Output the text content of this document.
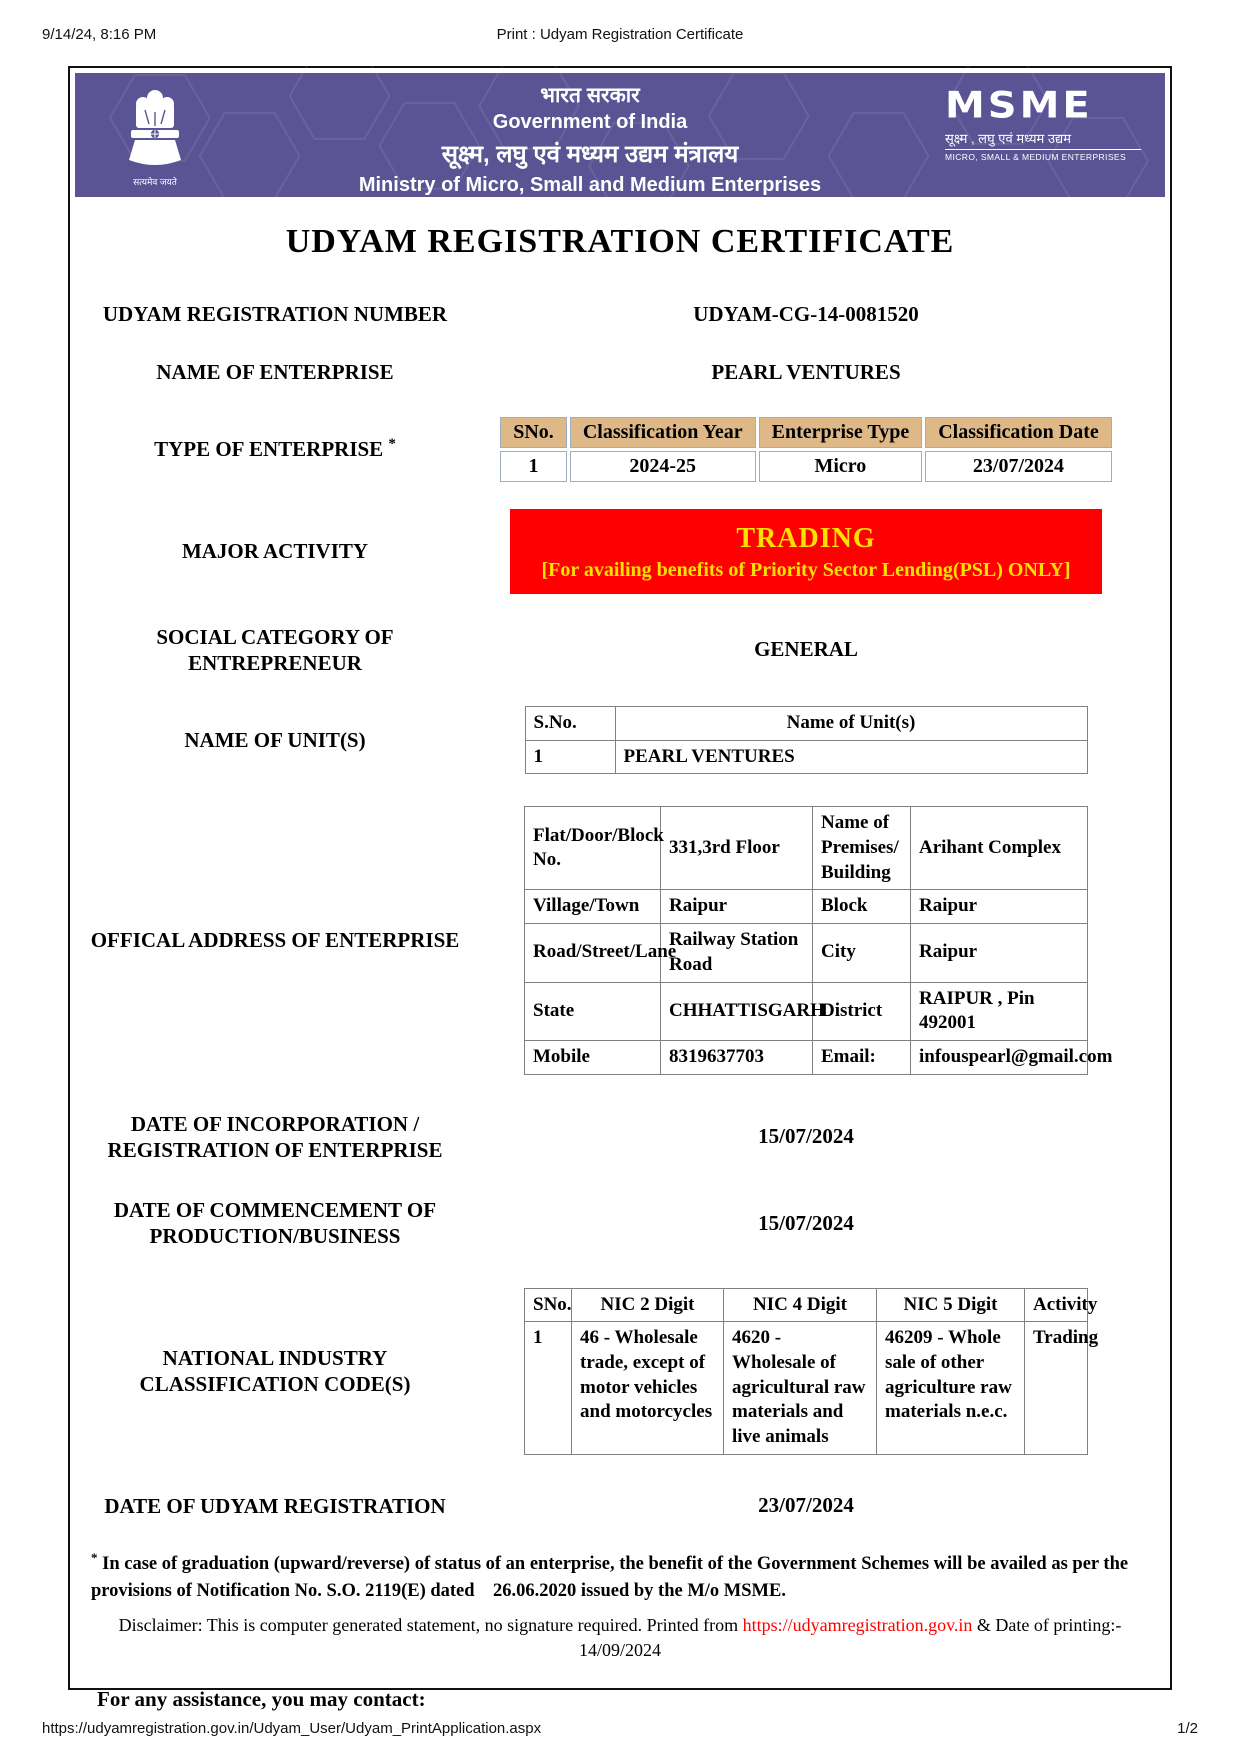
9/14/24, 8:16 PM	Print : Udyam Registration Certificate
सत्यमेव जयते
भारत सरकार
Government of India
सूक्ष्म, लघु एवं मध्यम उद्यम मंत्रालय
Ministry of Micro, Small and Medium Enterprises
MSME
सूक्ष्म , लघु एवं मध्यम उद्यम
MICRO, SMALL & MEDIUM ENTERPRISES
UDYAM REGISTRATION CERTIFICATE
UDYAM REGISTRATION NUMBER	UDYAM-CG-14-0081520
NAME OF ENTERPRISE	PEARL VENTURES
TYPE OF ENTERPRISE *
SNo.	Classification Year	Enterprise Type	Classification Date
1	2024-25	Micro	23/07/2024
MAJOR ACTIVITY	TRADING
[For availing benefits of Priority Sector Lending(PSL) ONLY]
SOCIAL CATEGORY OF ENTREPRENEUR
GENERAL
NAME OF UNIT(S)
S.No.	Name of Unit(s)
1	PEARL VENTURES
OFFICAL ADDRESS OF ENTERPRISE
Flat/Door/Block No.	331,3rd Floor	Name of Premises/ Building	Arihant Complex
Village/Town	Raipur	Block	Raipur
Road/Street/Lane	Railway Station Road	City	Raipur
State	CHHATTISGARH	District	RAIPUR , Pin 492001
Mobile	8319637703	Email:	infouspearl@gmail.com
DATE OF INCORPORATION / REGISTRATION OF ENTERPRISE
15/07/2024
DATE OF COMMENCEMENT OF PRODUCTION/BUSINESS
15/07/2024
NATIONAL INDUSTRY CLASSIFICATION CODE(S)
SNo.	NIC 2 Digit	NIC 4 Digit	NIC 5 Digit	Activity
1	46 - Wholesale trade, except of motor vehicles and motorcycles	4620 - Wholesale of agricultural raw materials and live animals	46209 - Whole sale of other agriculture raw materials n.e.c.	Trading
DATE OF UDYAM REGISTRATION	23/07/2024
* In case of graduation (upward/reverse) of status of an enterprise, the benefit of the Government Schemes will be availed as per the provisions of Notification No. S.O. 2119(E) dated    26.06.2020 issued by the M/o MSME.
Disclaimer: This is computer generated statement, no signature required. Printed from https://udyamregistration.gov.in & Date of printing:-
14/09/2024
For any assistance, you may contact:
https://udyamregistration.gov.in/Udyam_User/Udyam_PrintApplication.aspx	1/2
